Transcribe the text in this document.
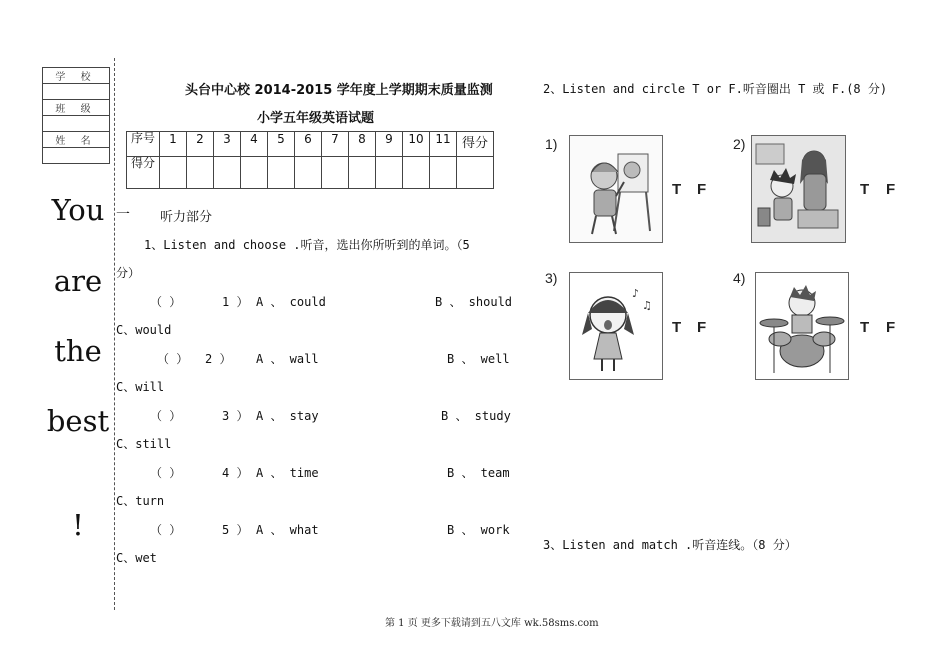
学 校

班 级

姓 名

You
are
the
best
!
头台中心校 2014-2015 学年度上学期期末质量监测
小学五年级英语试题
序号	1	2	3	4	5	6	7	8	9	10	11	得分
得分												
一 听力部分
1、Listen and choose .听音，选出你所听到的单词。（5
分）
（ ）	1 ） A 、 could	B 、 should
C、would
（ ） 2 ） A 、 wall	B 、 well
C、will
（ ）	3 ） A 、 stay	B 、 study
C、still
（ ）	4 ） A 、 time	B 、 team
C、turn
（ ）	5 ） A 、 what	B 、 work
C、wet
2、Listen and circle T or F.听音圈出 T 或 F.(8 分)
1)
T F
2)
T F
3)
♪
♫
T F
4)
T F
3、Listen and match .听音连线。（8 分）
第 1 页 更多下载请到五八文库 wk.58sms.com
